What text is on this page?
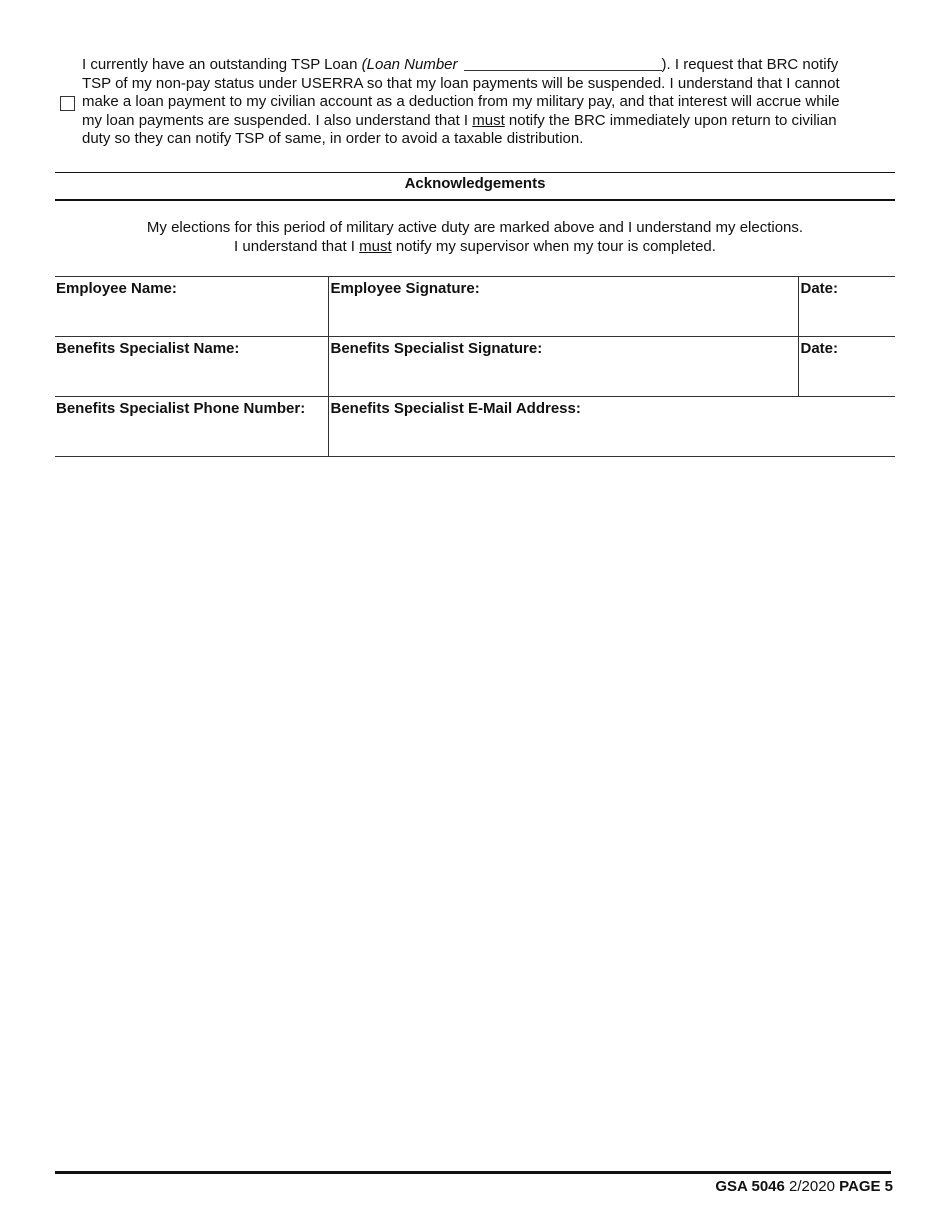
I currently have an outstanding TSP Loan (Loan Number	). I request that BRC notify
TSP of my non-pay status under USERRA so that my loan payments will be suspended. I understand that I cannot
make a loan payment to my civilian account as a deduction from my military pay, and that interest will accrue while
my loan payments are suspended. I also understand that I must notify the BRC immediately upon return to civilian
duty so they can notify TSP of same, in order to avoid a taxable distribution.
Acknowledgements
My elections for this period of military active duty are marked above and I understand my elections.
I understand that I must notify my supervisor when my tour is completed.
Employee Name:	Employee Signature:	Date:
Benefits Specialist Name:	Benefits Specialist Signature:	Date:
Benefits Specialist Phone Number:	Benefits Specialist E-Mail Address:	
GSA 5046 2/2020 PAGE 5
